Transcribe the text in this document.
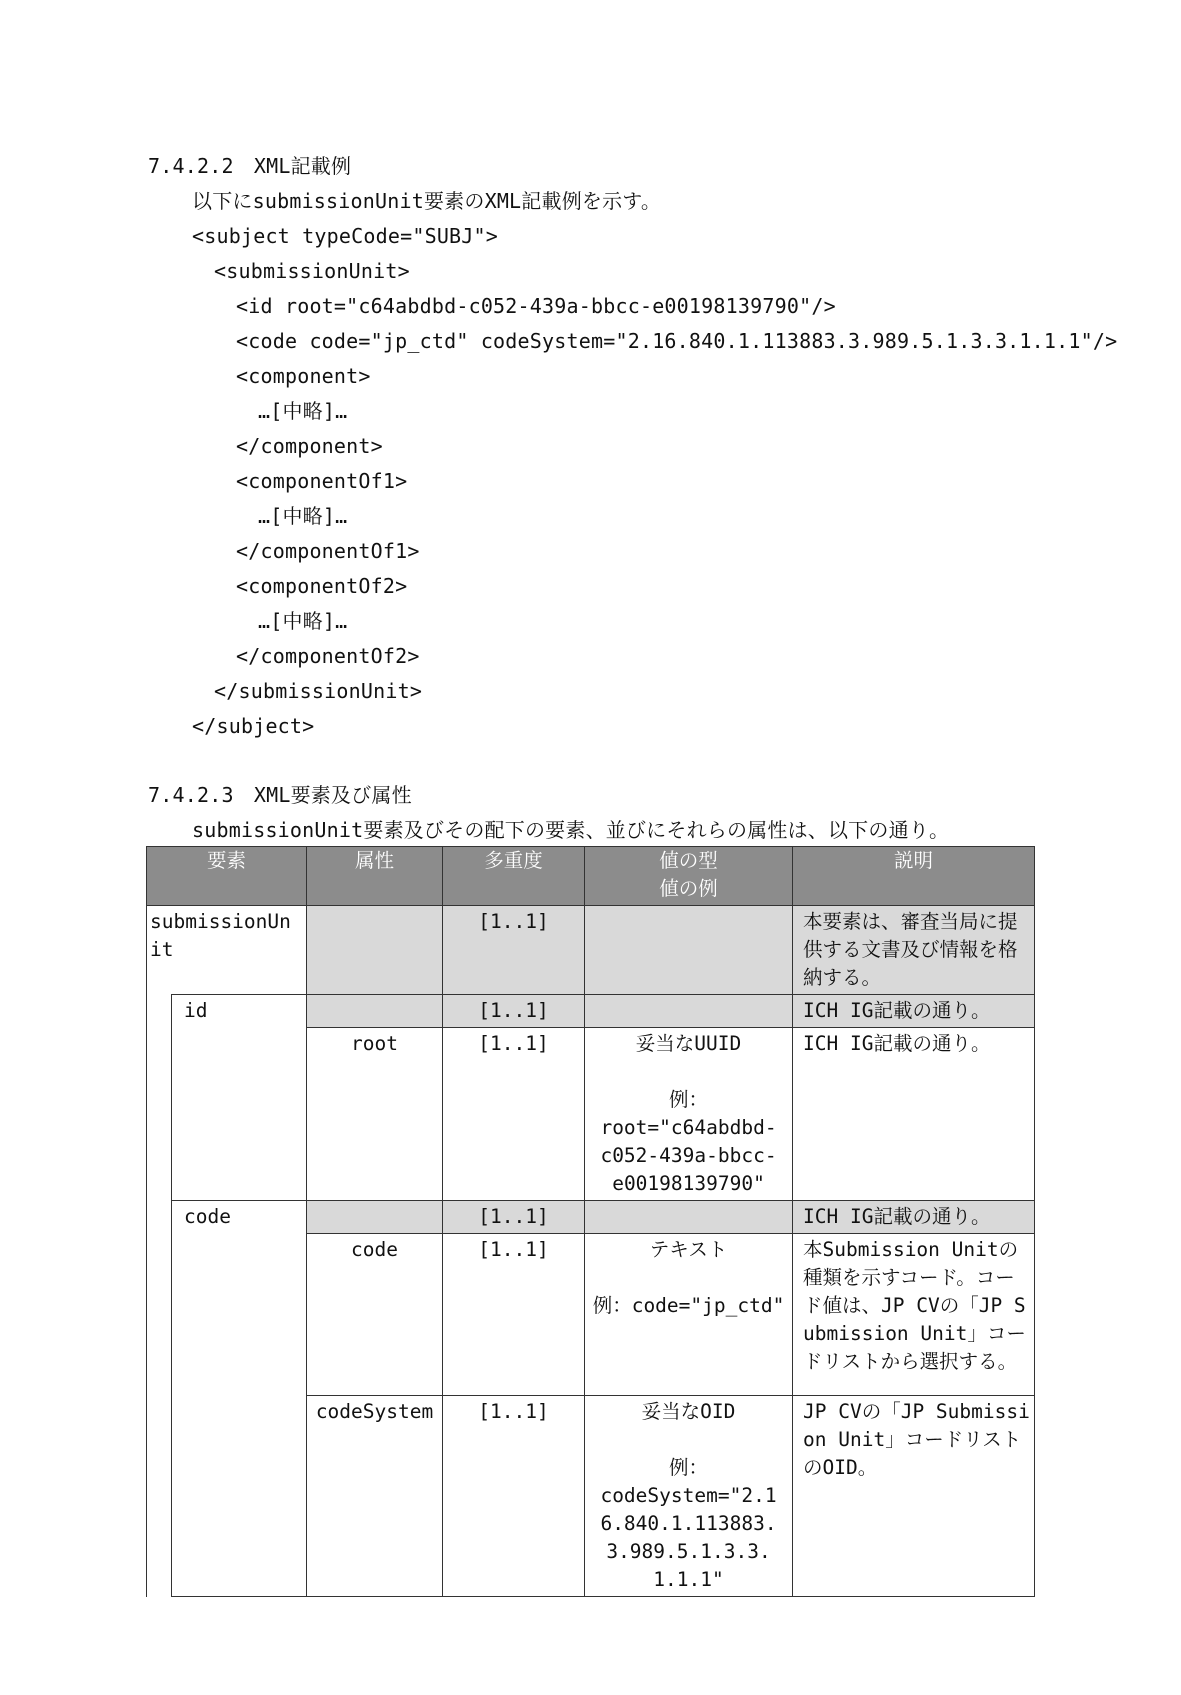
7.4.2.2　XML記載例
以下にsubmissionUnit要素のXML記載例を示す。
<subject typeCode="SUBJ">
<submissionUnit>
<id root="c64abdbd-c052-439a-bbcc-e00198139790"/>
<code code="jp_ctd" codeSystem="2.16.840.1.113883.3.989.5.1.3.3.1.1.1"/>
<component>
…[中略]…
</component>
<componentOf1>
…[中略]…
</componentOf1>
<componentOf2>
…[中略]…
</componentOf2>
</submissionUnit>
</subject>
7.4.2.3　XML要素及び属性
submissionUnit要素及びその配下の要素、並びにそれらの属性は、以下の通り。
要素		属性	多重度	値の型
値の例	説明
submissionUnit			[1..1]		本要素は、審査当局に提供する文書及び情報を格納する。
	id		[1..1]		ICH IG記載の通り。
		root	[1..1]	妥当なUUID
例：
root="c64abdbd-c052-439a-bbcc-e00198139790"	ICH IG記載の通り。
	code		[1..1]		ICH IG記載の通り。
		code	[1..1]	テキスト
例：code="jp_ctd"	本Submission Unitの種類を示すコード。コード値は、JP CVの「JP Submission Unit」コードリストから選択する。
		codeSystem	[1..1]	妥当なOID
例：
codeSystem="2.16.840.1.113883.3.989.5.1.3.3.1.1.1"	JP CVの「JP Submission Unit」コードリストのOID。
